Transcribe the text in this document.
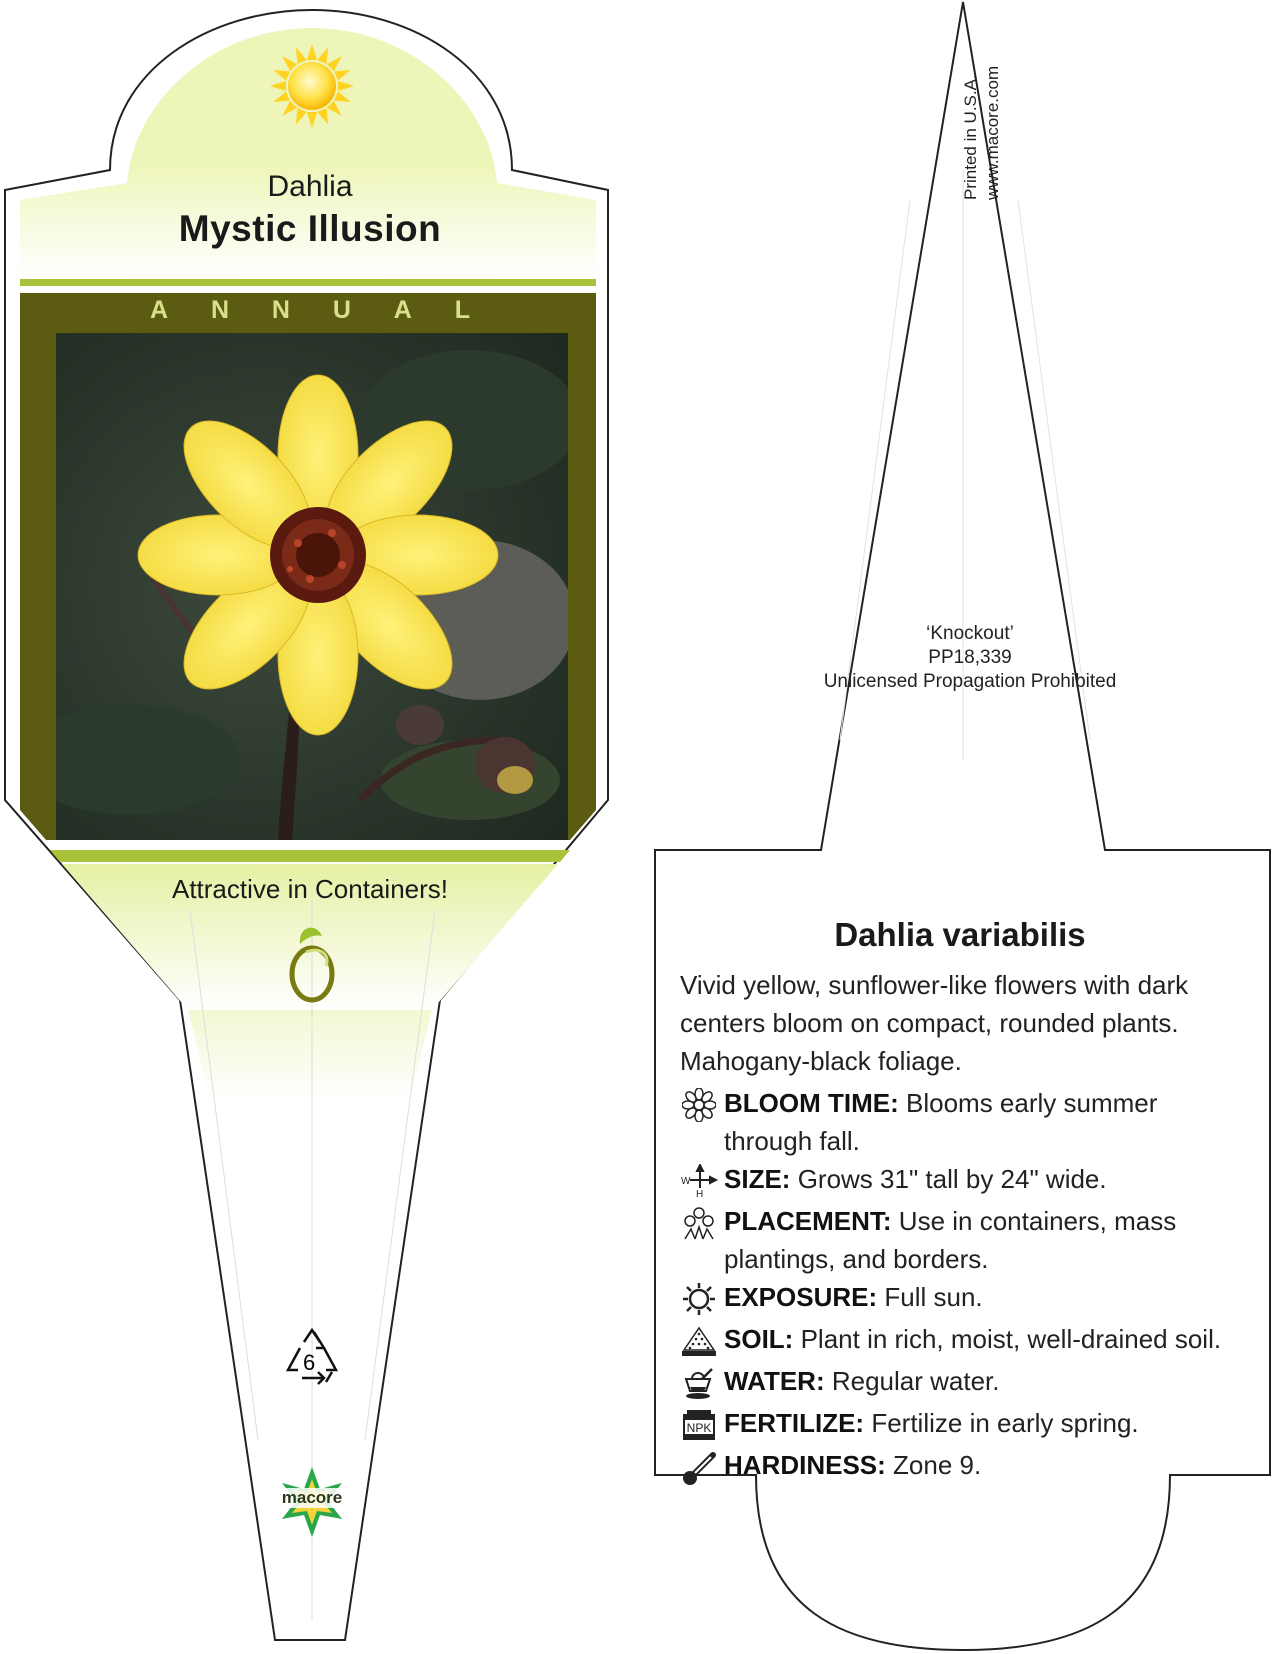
Dahlia
Mystic Illusion
A N N U A L
Attractive in Containers!
6
macore
Printed in U.S.A. www.macore.com
‘Knockout’
PP18,339
Unlicensed Propagation Prohibited
Dahlia variabilis
Vivid yellow, sunflower-like flowers with dark centers bloom on compact, rounded plants. Mahogany-black foliage.
BLOOM TIME: Blooms early summer through fall.
W
H
SIZE: Grows 31" tall by 24" wide.
PLACEMENT: Use in containers, mass plantings, and borders.
EXPOSURE: Full sun.
SOIL: Plant in rich, moist, well-drained soil.
WATER: Regular water.
NPK FERTILIZE: Fertilize in early spring.
HARDINESS: Zone 9.
